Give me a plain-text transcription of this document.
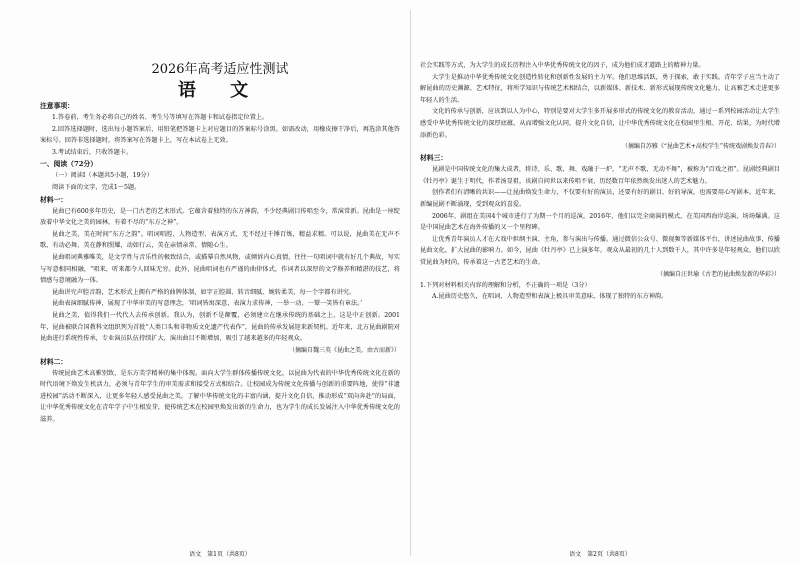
2026年高考适应性测试
语 文

注意事项：

1.答卷前，考生务必将自己的姓名、考生号等填写在答题卡和试卷指定位置上。

2.回答选择题时，选出每小题答案后，用铅笔把答题卡上对应题目的答案标号涂黑。如需改动，用橡皮擦干净后，再选涂其他答案标号。回答非选择题时，将答案写在答题卡上，写在本试卷上无效。

3.考试结束后，只收答题卡。

一、阅读（72分）

（一）阅读Ⅰ（本题共5小题，19分）

阅读下面的文字，完成1～5题。

材料一：

昆曲已有600多年历史，是一门古老的艺术形式。它蕴含着独特的东方神韵，不少经典剧目传唱至今，常演常新。昆曲是一座绽放着中华文化之美的园林，有着不尽的“东方之神”。

昆曲之美，美在时间“东方之韵”。唱词唱腔、人物造型、表演方式，无不经过千锤百炼，精益求精。可以说，昆曲美在无声不歌，有动必舞，美在静和照耀，动如行云，美在亲情亲常、情随心生。

昆曲唱词典雅唯美，是文学性与音乐性的极致结合，或描摹自然风物，或倾诉内心真情，往往一句唱词中就有好几个典故，写实与写意相同相融，“唱来，听来都令人回味无穷。此外，昆曲唱词也有严谨的曲律体式，作词者以深厚的文学修养和精湛的技艺，将情感与意境融为一体。

昆曲讲究声腔音韵，艺术形式上拥有严格的曲牌体制，如字正腔圆、转音细腻、婉转柔美，每一个字都有讲究。

昆曲表演细腻传神，展现了中华审美的写意理念，‘唱词皆寓深意，表演力求传神，一举一动、一颦一笑皆有章法。’

昆曲之美，值得我们一代代人去传承创新。我认为，创新不是颠覆，必须建立在继承传统的基础之上，这是中正创新。2001年，昆曲被联合国教科文组织列为首批“人类口头和非物质文化遗产代表作”，昆曲的传承发展迎来新契机。近年来，北方昆曲剧院对昆曲进行系统性传承，专业演员队伍持续扩大，演出曲目不断增加，吸引了越来越多的年轻观众。

（摘编自魏三英《昆曲之美，由古而新》）

材料二：

传统昆曲艺术高雅别致，是东方美学精神的集中体现。面向大学生群体传播传统文化，以昆曲为代表的中华优秀传统文化在新的时代语境下焕发生机活力，必须与青年学生的审美需求和接受方式相结合。让校园成为传统文化传播与创新的重要阵地，使得“非遗进校园”活动不断深入，让更多年轻人感受昆曲之美，了解中华传统文化的丰富内涵，提升文化自信，推动形成“双向奔赴”的局面，让中华优秀传统文化在青年学子中生根发芽，使传统艺术在校园里焕发出新的生命力，也为学生的成长发展注入中华优秀传统文化的滋养。

语文　第1页（共8页）

社会实践等方式，为大学生的成长历程注入中华优秀传统文化的因子，成为他们成才道路上的精神力量。

大学生是推动中华优秀传统文化创造性转化和创新性发展的主力军。他们思维活跃，勇于探索，敢于实践。青年学子应当主动了解昆曲的历史渊源、艺术特征，将所学知识与传统艺术相结合，以新媒体、新技术、新形式展现传统文化魅力，让高雅艺术走进更多年轻人的生活。

文化的传承与创新，应该到以人为中心，特别是要对大学生多开展多形式的传统文化的教育活动，通过一系列校园活动让大学生感受中华优秀传统文化的深厚底蕴，从而增强文化认同，提升文化自信，让中华优秀传统文化在校园里生根、开花、结果，为时代增添新色彩。

（摘编自苏雅《“昆曲艺术+高校学生”传统戏剧焕发青春》）

材料三：

昆剧是中国传统文化的集大成者，将诗、乐、歌、舞、戏融于一炉，“无声不歌，无动不舞”，被称为“百戏之祖”。昆剧经典剧目《牡丹亭》诞生于明代，作者汤显祖，该剧自问世以来传唱不衰，历经数百年依然焕发出迷人的艺术魅力。

创作者们有清晰的共识——让昆曲焕发生命力，不仅要有好的演员，还要有好的剧目、好的导演，也需要用心写剧本。近年来，新编昆剧不断涌现，受到观众的喜爱。

2006年，剧组在美国4个城市进行了为期一个月的巡演，2016年，他们以完全商演的模式，在美国西海岸巡演，场场爆满。这是中国昆曲艺术在海外传播的又一个里程碑。

让优秀青年演员人才在大戏中担纲主演、主角，参与演出与传播。通过微信公众号、微视频等新媒体平台，讲述昆曲故事，传播昆曲文化，扩大昆曲的影响力。如今，昆曲《牡丹亭》已上演多年，观众从最初的几十人到数千人，其中许多是年轻观众，他们以欣赏昆曲为时尚，传承着这一古老艺术的生命。

（摘编自汪世瑜《古老的昆曲焕发新的华彩》）

1.下列对材料相关内容的理解和分析，不正确的一项是（3分）

A.昆曲历史悠久，在唱词、人物造型和表演上极具审美意味，体现了独特的东方神韵。

语文　第2页（共8页）
